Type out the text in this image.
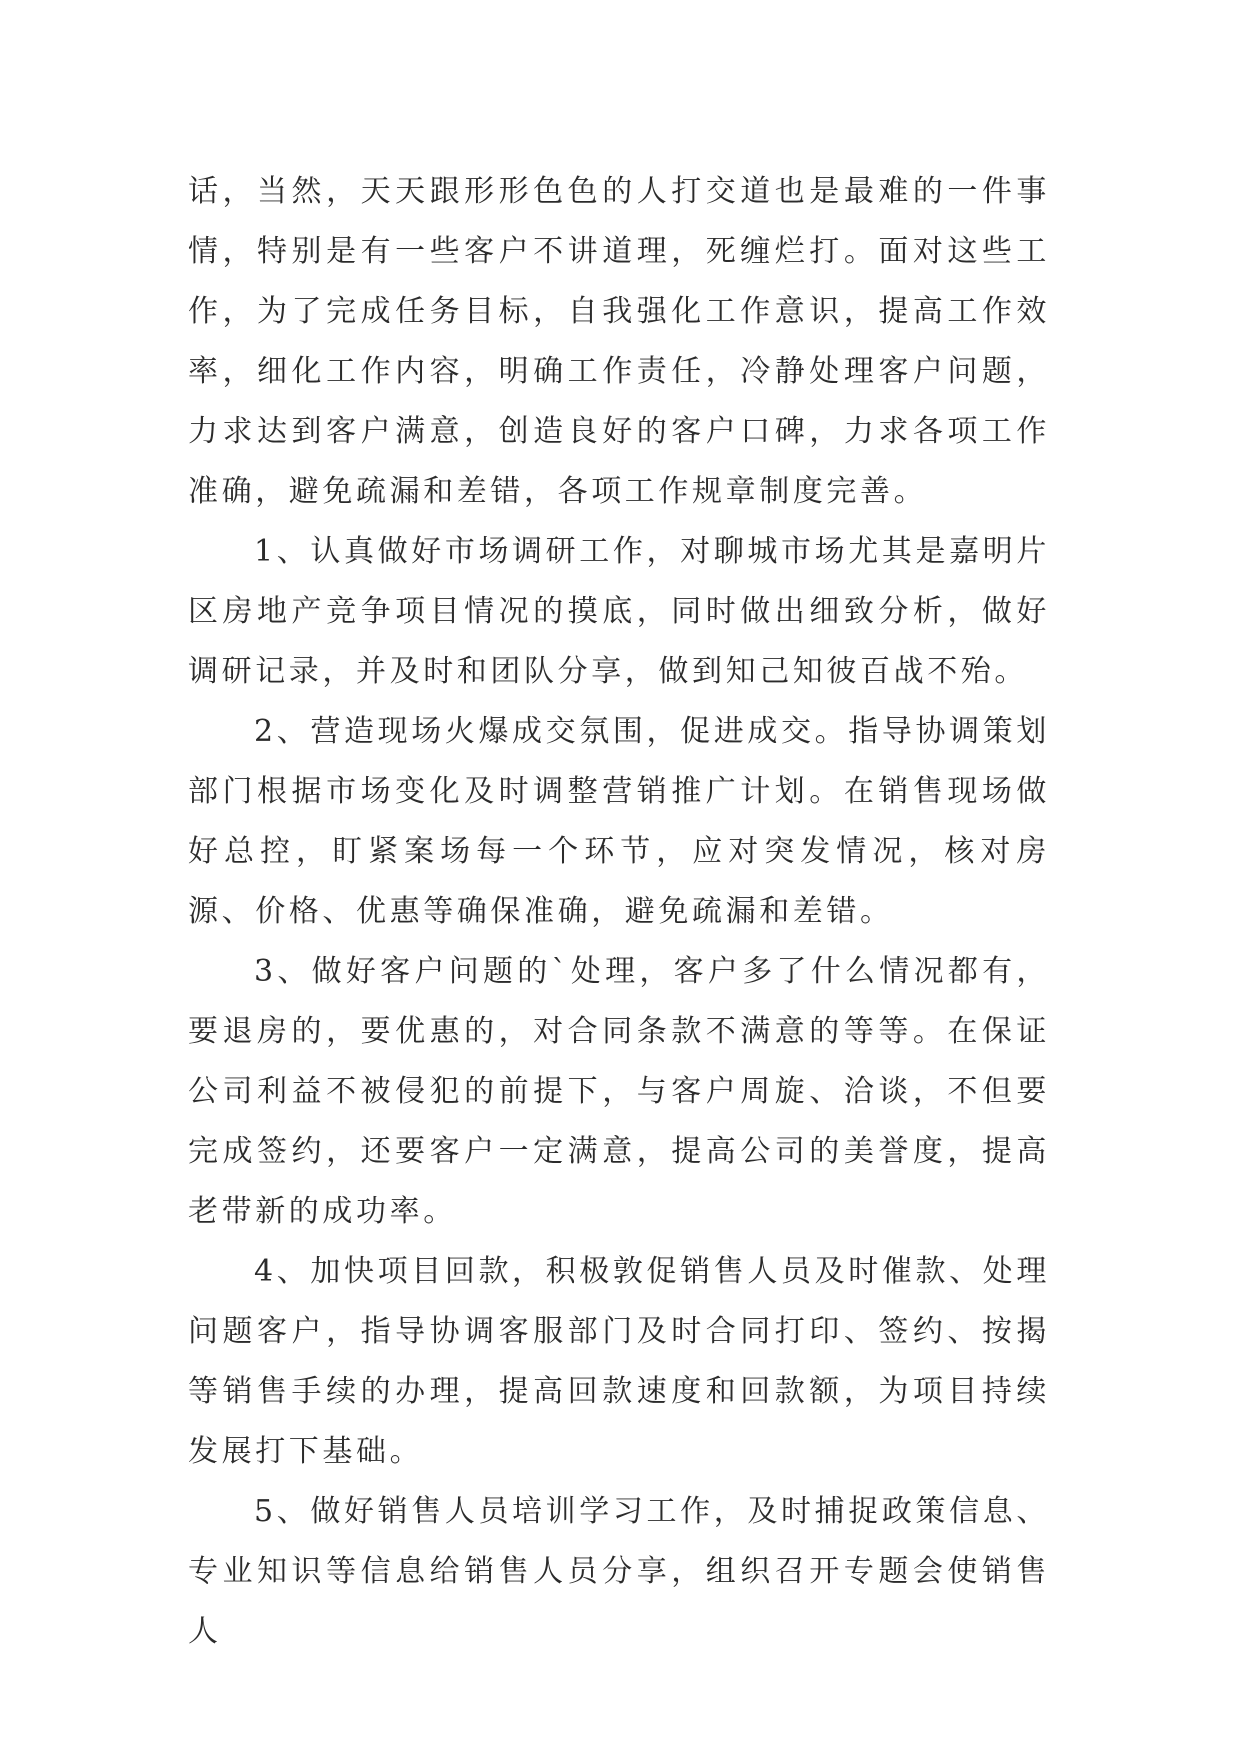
话，当然，天天跟形形色色的人打交道也是最难的一件事情，特别是有一些客户不讲道理，死缠烂打。面对这些工作，为了完成任务目标，自我强化工作意识，提高工作效率，细化工作内容，明确工作责任，冷静处理客户问题，力求达到客户满意，创造良好的客户口碑，力求各项工作准确，避免疏漏和差错，各项工作规章制度完善。

1、认真做好市场调研工作，对聊城市场尤其是嘉明片区房地产竞争项目情况的摸底，同时做出细致分析，做好调研记录，并及时和团队分享，做到知己知彼百战不殆。

2、营造现场火爆成交氛围，促进成交。指导协调策划部门根据市场变化及时调整营销推广计划。在销售现场做好总控，盯紧案场每一个环节，应对突发情况，核对房源、价格、优惠等确保准确，避免疏漏和差错。

3、做好客户问题的`处理，客户多了什么情况都有，要退房的，要优惠的，对合同条款不满意的等等。在保证公司利益不被侵犯的前提下，与客户周旋、洽谈，不但要完成签约，还要客户一定满意，提高公司的美誉度，提高老带新的成功率。

4、加快项目回款，积极敦促销售人员及时催款、处理问题客户，指导协调客服部门及时合同打印、签约、按揭等销售手续的办理，提高回款速度和回款额，为项目持续发展打下基础。

5、做好销售人员培训学习工作，及时捕捉政策信息、专业知识等信息给销售人员分享，组织召开专题会使销售人
